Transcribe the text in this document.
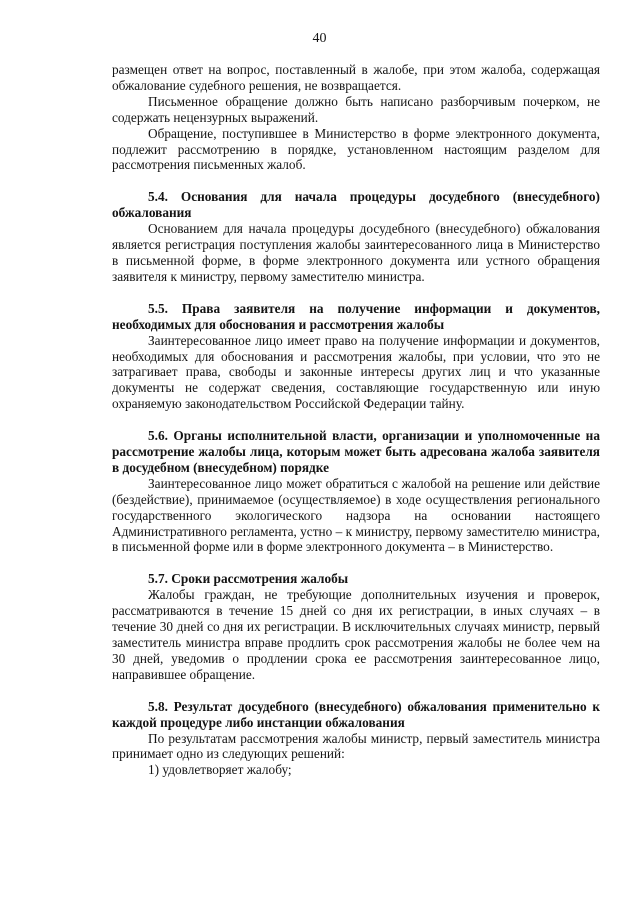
40

размещен ответ на вопрос, поставленный в жалобе, при этом жалоба, содержащая обжалование судебного решения, не возвращается.

Письменное обращение должно быть написано разборчивым почерком, не содержать нецензурных выражений.

Обращение, поступившее в Министерство в форме электронного документа, подлежит рассмотрению в порядке, установленном настоящим разделом для рассмотрения письменных жалоб.

5.4. Основания для начала процедуры досудебного (внесудебного) обжалования

Основанием для начала процедуры досудебного (внесудебного) обжалования является регистрация поступления жалобы заинтересованного лица в Министерство в письменной форме, в форме электронного документа или устного обращения заявителя к министру, первому заместителю министра.

5.5. Права заявителя на получение информации и документов, необходимых для обоснования и рассмотрения жалобы

Заинтересованное лицо имеет право на получение информации и документов, необходимых для обоснования и рассмотрения жалобы, при условии, что это не затрагивает права, свободы и законные интересы других лиц и что указанные документы не содержат сведения, составляющие государственную или иную охраняемую законодательством Российской Федерации тайну.

5.6. Органы исполнительной власти, организации и уполномоченные на рассмотрение жалобы лица, которым может быть адресована жалоба заявителя в досудебном (внесудебном) порядке

Заинтересованное лицо может обратиться с жалобой на решение или действие (бездействие), принимаемое (осуществляемое) в ходе осуществления регионального государственного экологического надзора на основании настоящего Административного регламента, устно – к министру, первому заместителю министра, в письменной форме или в форме электронного документа – в Министерство.

5.7. Сроки рассмотрения жалобы

Жалобы граждан, не требующие дополнительных изучения и проверок, рассматриваются в течение 15 дней со дня их регистрации, в иных случаях – в течение 30 дней со дня их регистрации. В исключительных случаях министр, первый заместитель министра вправе продлить срок рассмотрения жалобы не более чем на 30 дней, уведомив о продлении срока ее рассмотрения заинтересованное лицо, направившее обращение.

5.8. Результат досудебного (внесудебного) обжалования применительно к каждой процедуре либо инстанции обжалования

По результатам рассмотрения жалобы министр, первый заместитель министра принимает одно из следующих решений:

1) удовлетворяет жалобу;
